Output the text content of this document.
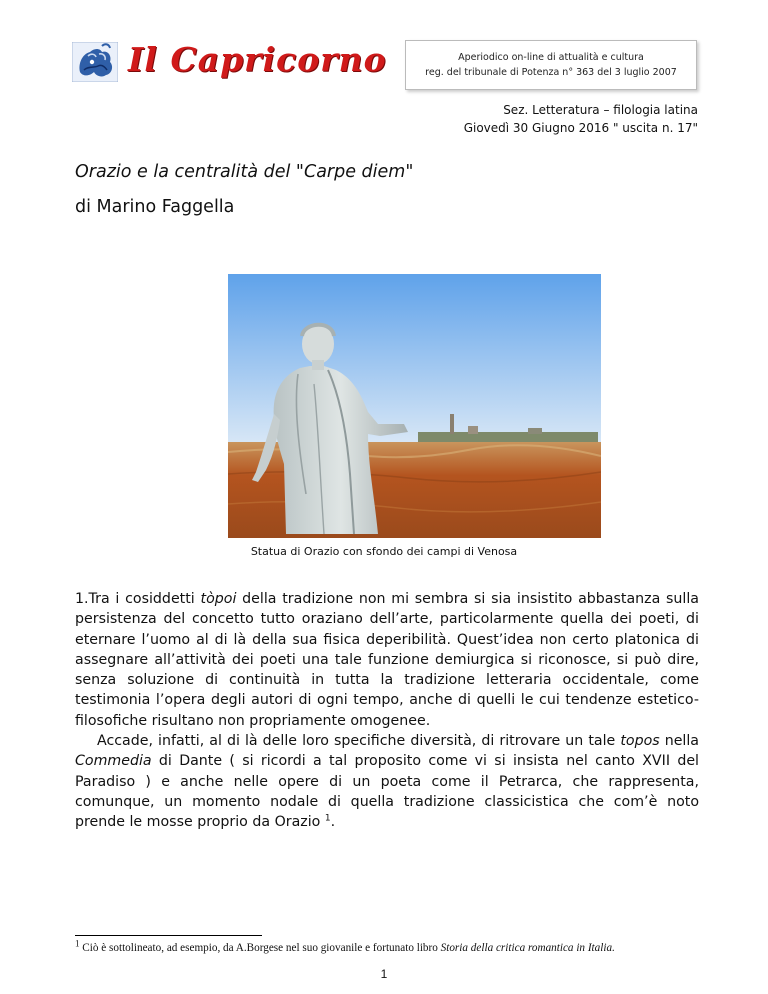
Il Capricorno	Aperiodico on-line di attualità e cultura
reg. del tribunale di Potenza n° 363 del 3 luglio 2007
Sez. Letteratura – filologia latina
Giovedì 30 Giugno 2016 " uscita n. 17"
Orazio e la centralità del "Carpe diem"
di Marino Faggella
Statua di Orazio con sfondo dei campi di Venosa

1.Tra i cosiddetti tòpoi della tradizione non mi sembra si sia insistito abbastanza sulla persistenza del concetto tutto oraziano dell’arte, particolarmente quella dei poeti, di eternare l’uomo al di là della sua fisica deperibilità. Quest’idea non certo platonica di assegnare all’attività dei poeti una tale funzione demiurgica si riconosce, si può dire, senza soluzione di continuità in tutta la tradizione letteraria occidentale, come testimonia l’opera degli autori di ogni tempo, anche di quelli le cui tendenze estetico-filosofiche risultano non propriamente omogenee.

Accade, infatti, al di là delle loro specifiche diversità, di ritrovare un tale topos nella Commedia di Dante ( si ricordi a tal proposito come vi si insista nel canto XVII del Paradiso ) e anche nelle opere di un poeta come il Petrarca, che rappresenta, comunque, un momento nodale di quella tradizione classicistica che com’è noto prende le mosse proprio da Orazio $^1$.

$^1$ Ciò è sottolineato, ad esempio, da A.Borgese nel suo giovanile e fortunato libro Storia della critica romantica in Italia.
1
